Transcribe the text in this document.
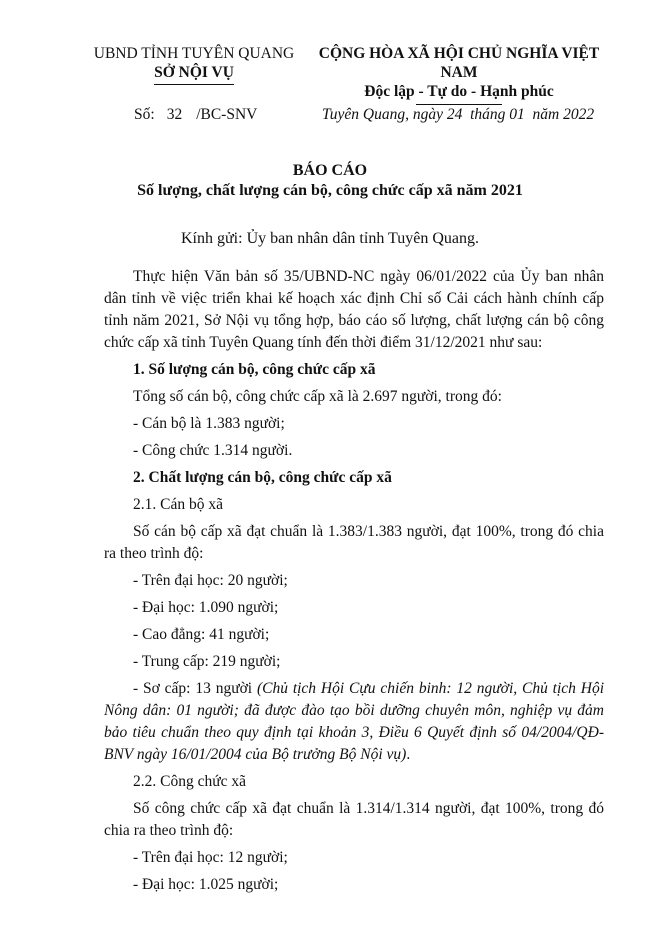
UBND TỈNH TUYÊN QUANG
SỞ NỘI VỤ
CỘNG HÒA XÃ HỘI CHỦ NGHĨA VIỆT NAM
Độc lập - Tự do - Hạnh phúc
Số: 32 /BC-SNV	Tuyên Quang, ngày 24 tháng 01 năm 2022
BÁO CÁO
Số lượng, chất lượng cán bộ, công chức cấp xã năm 2021
Kính gửi: Ủy ban nhân dân tỉnh Tuyên Quang.

Thực hiện Văn bản số 35/UBND-NC ngày 06/01/2022 của Ủy ban nhân dân tỉnh về việc triển khai kế hoạch xác định Chỉ số Cải cách hành chính cấp tỉnh năm 2021, Sở Nội vụ tổng hợp, báo cáo số lượng, chất lượng cán bộ công chức cấp xã tỉnh Tuyên Quang tính đến thời điểm 31/12/2021 như sau:

1. Số lượng cán bộ, công chức cấp xã

Tổng số cán bộ, công chức cấp xã là 2.697 người, trong đó:

- Cán bộ là 1.383 người;

- Công chức 1.314 người.

2. Chất lượng cán bộ, công chức cấp xã

2.1. Cán bộ xã

Số cán bộ cấp xã đạt chuẩn là 1.383/1.383 người, đạt 100%, trong đó chia ra theo trình độ:

- Trên đại học: 20 người;

- Đại học: 1.090 người;

- Cao đẳng: 41 người;

- Trung cấp: 219 người;

- Sơ cấp: 13 người (Chủ tịch Hội Cựu chiến binh: 12 người, Chủ tịch Hội Nông dân: 01 người; đã được đào tạo bồi dưỡng chuyên môn, nghiệp vụ đảm bảo tiêu chuẩn theo quy định tại khoản 3, Điều 6 Quyết định số 04/2004/QĐ-BNV ngày 16/01/2004 của Bộ trưởng Bộ Nội vụ).

2.2. Công chức xã

Số công chức cấp xã đạt chuẩn là 1.314/1.314 người, đạt 100%, trong đó chia ra theo trình độ:

- Trên đại học: 12 người;

- Đại học: 1.025 người;
